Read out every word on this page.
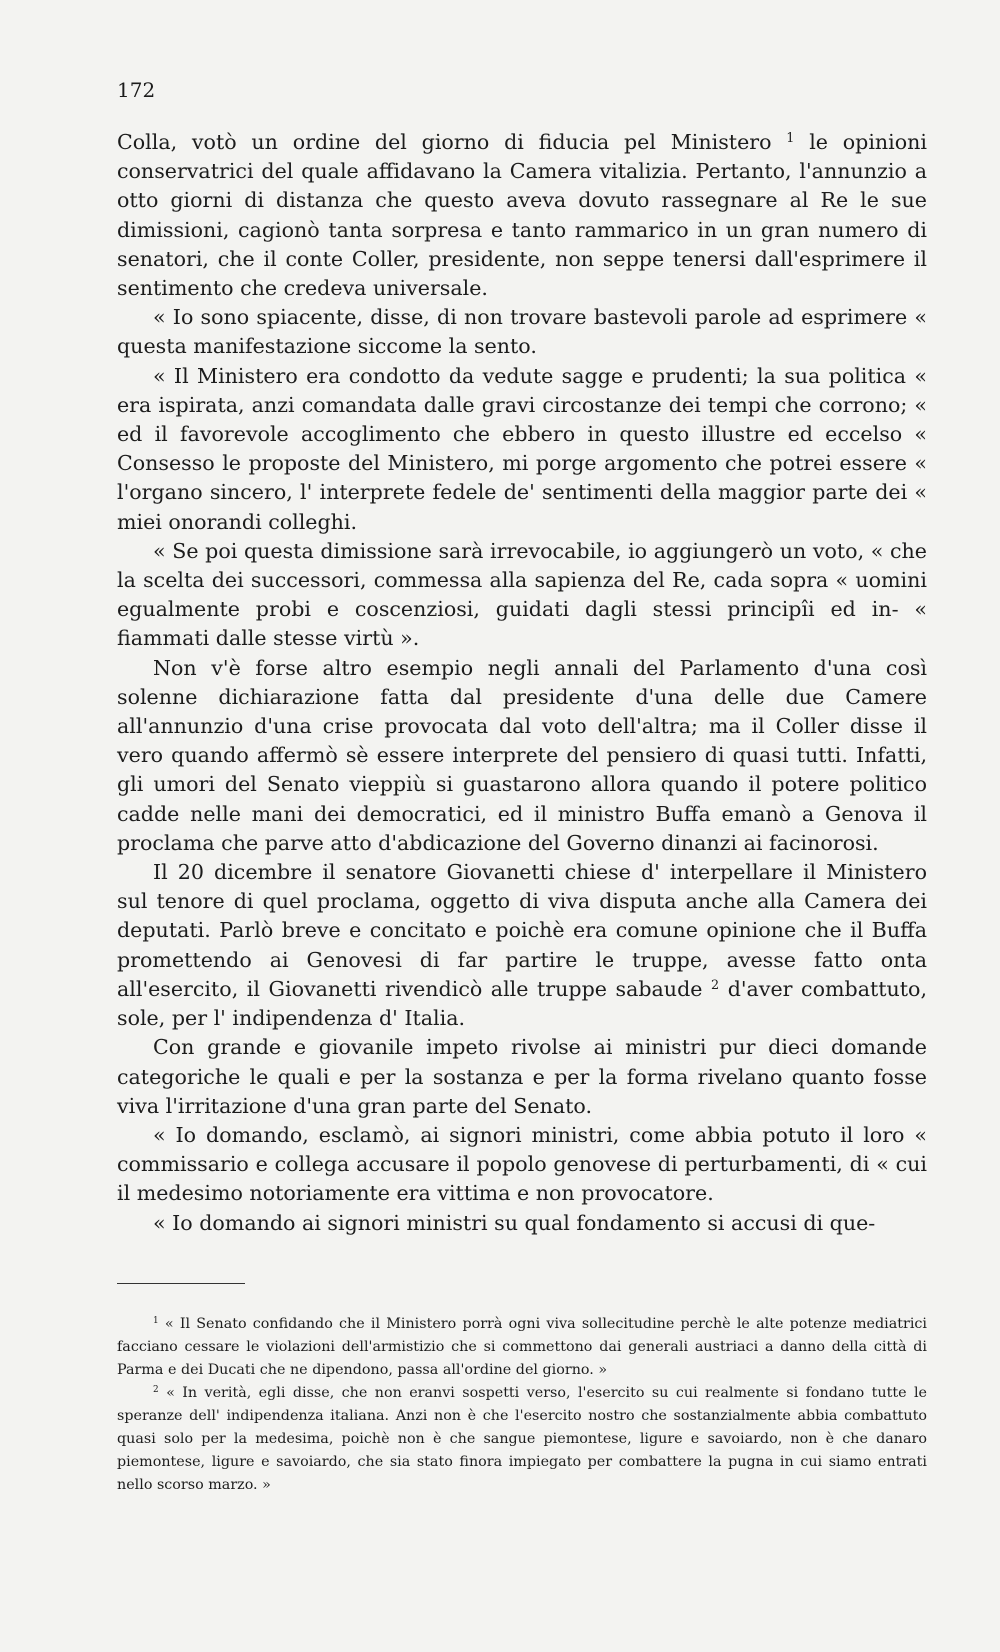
172

Colla, votò un ordine del giorno di fiducia pel Ministero $^1$ le opinioni conservatrici del quale affidavano la Camera vitalizia. Pertanto, l'annunzio a otto giorni di distanza che questo aveva dovuto rassegnare al Re le sue dimissioni, cagionò tanta sorpresa e tanto rammarico in un gran numero di senatori, che il conte Coller, presidente, non seppe tenersi dall'esprimere il sentimento che credeva universale.

« Io sono spiacente, disse, di non trovare bastevoli parole ad esprimere « questa manifestazione siccome la sento.

« Il Ministero era condotto da vedute sagge e prudenti; la sua politica « era ispirata, anzi comandata dalle gravi circostanze dei tempi che corrono; « ed il favorevole accoglimento che ebbero in questo illustre ed eccelso « Consesso le proposte del Ministero, mi porge argomento che potrei essere « l'organo sincero, l' interprete fedele de' sentimenti della maggior parte dei « miei onorandi colleghi.

« Se poi questa dimissione sarà irrevocabile, io aggiungerò un voto, « che la scelta dei successori, commessa alla sapienza del Re, cada sopra « uomini egualmente probi e coscenziosi, guidati dagli stessi principîi ed in- « fiammati dalle stesse virtù ».

Non v'è forse altro esempio negli annali del Parlamento d'una così solenne dichiarazione fatta dal presidente d'una delle due Camere all'annunzio d'una crise provocata dal voto dell'altra; ma il Coller disse il vero quando affermò sè essere interprete del pensiero di quasi tutti. Infatti, gli umori del Senato vieppiù si guastarono allora quando il potere politico cadde nelle mani dei democratici, ed il ministro Buffa emanò a Genova il proclama che parve atto d'abdicazione del Governo dinanzi ai facinorosi.

Il 20 dicembre il senatore Giovanetti chiese d' interpellare il Ministero sul tenore di quel proclama, oggetto di viva disputa anche alla Camera dei deputati. Parlò breve e concitato e poichè era comune opinione che il Buffa promettendo ai Genovesi di far partire le truppe, avesse fatto onta all'esercito, il Giovanetti rivendicò alle truppe sabaude $^2$ d'aver combattuto, sole, per l' indipendenza d' Italia.

Con grande e giovanile impeto rivolse ai ministri pur dieci domande categoriche le quali e per la sostanza e per la forma rivelano quanto fosse viva l'irritazione d'una gran parte del Senato.

« Io domando, esclamò, ai signori ministri, come abbia potuto il loro « commissario e collega accusare il popolo genovese di perturbamenti, di « cui il medesimo notoriamente era vittima e non provocatore.

« Io domando ai signori ministri su qual fondamento si accusi di que-

$^1$ « Il Senato confidando che il Ministero porrà ogni viva sollecitudine perchè le alte potenze mediatrici facciano cessare le violazioni dell'armistizio che si commettono dai generali austriaci a danno della città di Parma e dei Ducati che ne dipendono, passa all'ordine del giorno. »

$^2$ « In verità, egli disse, che non eranvi sospetti verso, l'esercito su cui realmente si fondano tutte le speranze dell' indipendenza italiana. Anzi non è che l'esercito nostro che sostanzialmente abbia combattuto quasi solo per la medesima, poichè non è che sangue piemontese, ligure e savoiardo, non è che danaro piemontese, ligure e savoiardo, che sia stato finora impiegato per combattere la pugna in cui siamo entrati nello scorso marzo. »
